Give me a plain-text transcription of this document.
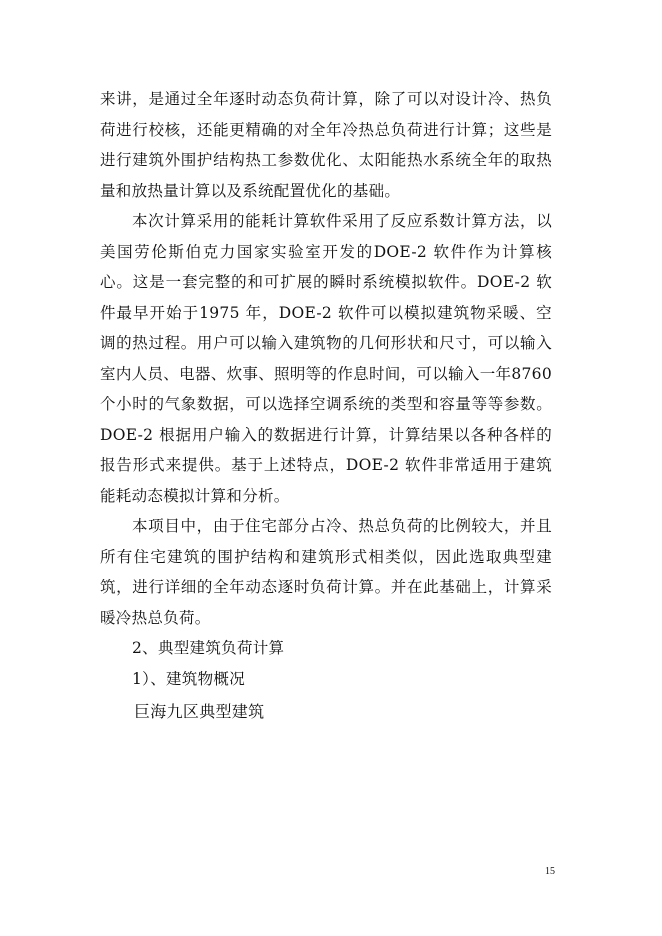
来讲，是通过全年逐时动态负荷计算，除了可以对设计冷、热负荷进行校核，还能更精确的对全年冷热总负荷进行计算；这些是进行建筑外围护结构热工参数优化、太阳能热水系统全年的取热量和放热量计算以及系统配置优化的基础。

本次计算采用的能耗计算软件采用了反应系数计算方法，以美国劳伦斯伯克力国家实验室开发的DOE-2 软件作为计算核心。这是一套完整的和可扩展的瞬时系统模拟软件。DOE-2 软件最早开始于1975 年，DOE-2 软件可以模拟建筑物采暖、空调的热过程。用户可以输入建筑物的几何形状和尺寸，可以输入室内人员、电器、炊事、照明等的作息时间，可以输入一年8760 个小时的气象数据，可以选择空调系统的类型和容量等等参数。DOE-2 根据用户输入的数据进行计算，计算结果以各种各样的报告形式来提供。基于上述特点，DOE-2 软件非常适用于建筑能耗动态模拟计算和分析。

本项目中，由于住宅部分占冷、热总负荷的比例较大，并且所有住宅建筑的围护结构和建筑形式相类似，因此选取典型建筑，进行详细的全年动态逐时负荷计算。并在此基础上，计算采暖冷热总负荷。

2、典型建筑负荷计算

1）、建筑物概况

巨海九区典型建筑

15
